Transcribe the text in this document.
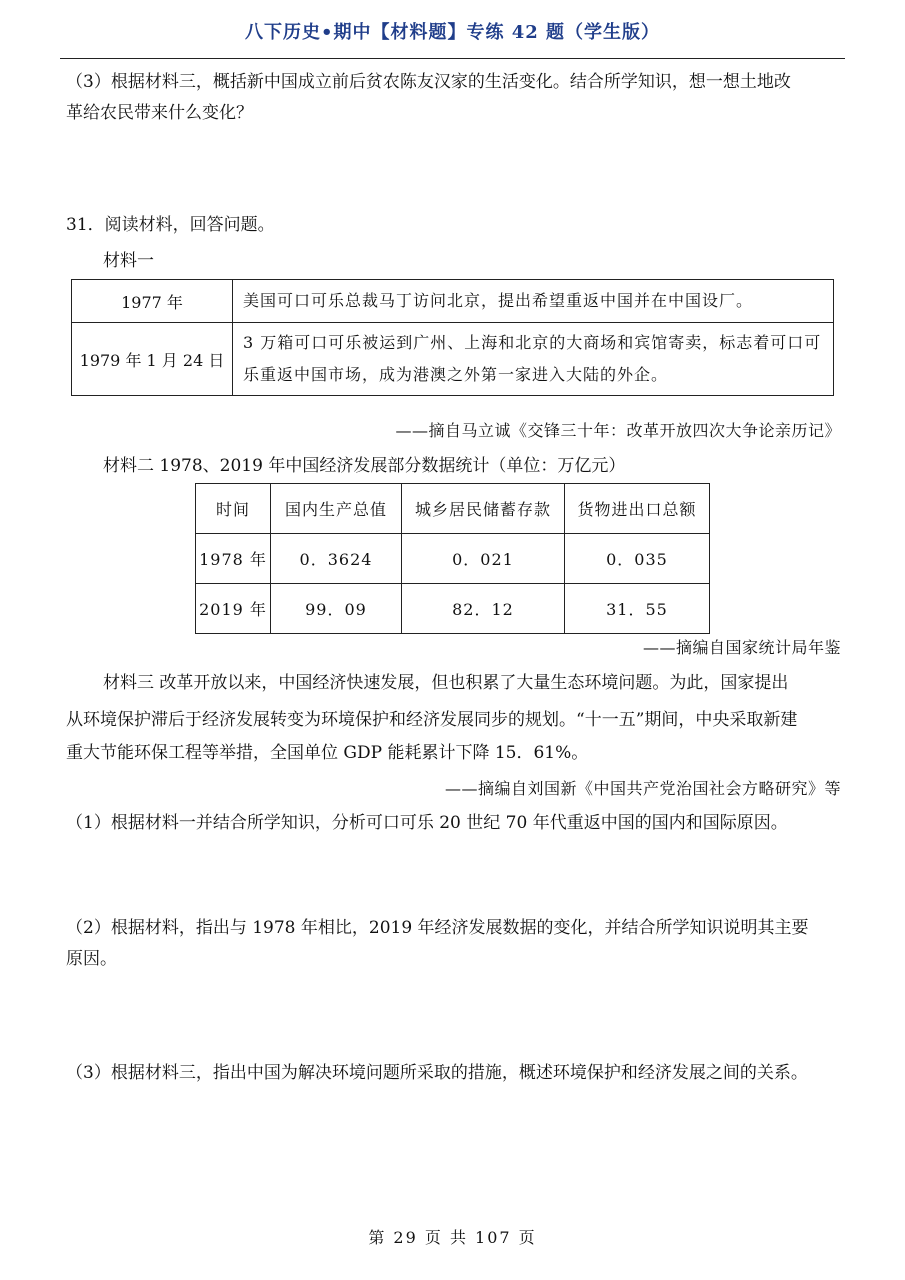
八下历史•期中【材料题】专练 42 题（学生版）
（3）根据材料三，概括新中国成立前后贫农陈友汉家的生活变化。结合所学知识，想一想土地改
革给农民带来什么变化？
31．阅读材料，回答问题。
材料一
1977 年	美国可口可乐总裁马丁访问北京，提出希望重返中国并在中国设厂。
1979 年 1 月 24 日	3 万箱可口可乐被运到广州、上海和北京的大商场和宾馆寄卖，标志着可口可乐重返中国市场，成为港澳之外第一家进入大陆的外企。
——摘自马立诚《交锋三十年：改革开放四次大争论亲历记》
材料二 1978、2019 年中国经济发展部分数据统计（单位：万亿元）
时间	国内生产总值	城乡居民储蓄存款	货物进出口总额
1978 年	0．3624	0．021	0．035
2019 年	99．09	82．12	31．55
——摘编自国家统计局年鉴
材料三 改革开放以来，中国经济快速发展，但也积累了大量生态环境问题。为此，国家提出
从环境保护滞后于经济发展转变为环境保护和经济发展同步的规划。“十一五”期间，中央采取新建
重大节能环保工程等举措，全国单位 GDP 能耗累计下降 15．61%。
——摘编自刘国新《中国共产党治国社会方略研究》等
（1）根据材料一并结合所学知识，分析可口可乐 20 世纪 70 年代重返中国的国内和国际原因。
（2）根据材料，指出与 1978 年相比，2019 年经济发展数据的变化，并结合所学知识说明其主要
原因。
（3）根据材料三，指出中国为解决环境问题所采取的措施，概述环境保护和经济发展之间的关系。
第 29 页 共 107 页
